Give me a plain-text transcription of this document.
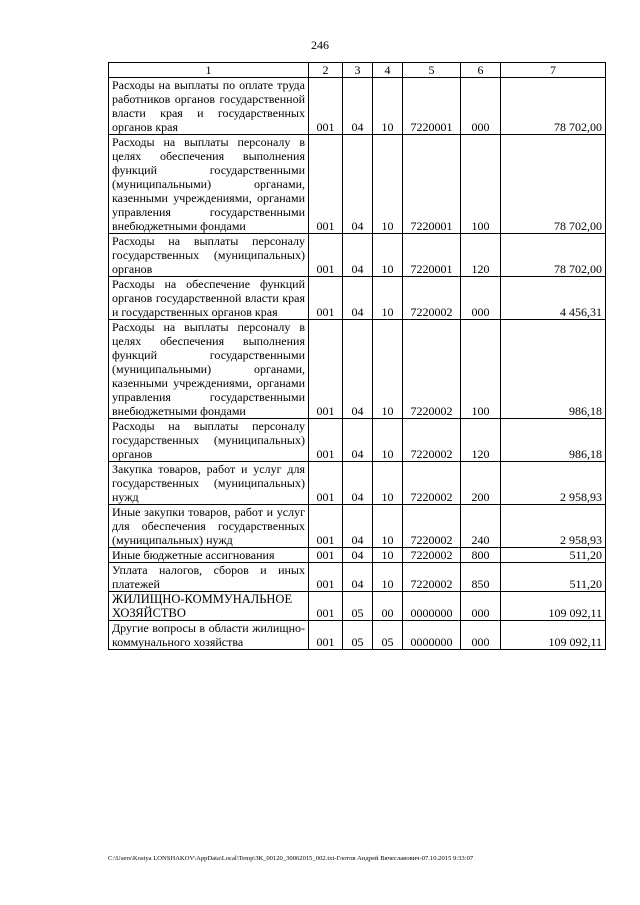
246
1	2	3	4	5	6	7
Расходы на выплаты по оплате труда работников органов государственной власти края и государственных органов края	001	04	10	7220001	000	78 702,00
Расходы на выплаты персоналу в целях обеспечения выполнения функций государственными (муниципальными) органами, казенными учреждениями, органами управления государственными внебюджетными фондами	001	04	10	7220001	100	78 702,00
Расходы на выплаты персоналу государственных (муниципальных) органов	001	04	10	7220001	120	78 702,00
Расходы на обеспечение функций органов государственной власти края и государственных органов края	001	04	10	7220002	000	4 456,31
Расходы на выплаты персоналу в целях обеспечения выполнения функций государственными (муниципальными) органами, казенными учреждениями, органами управления государственными внебюджетными фондами	001	04	10	7220002	100	986,18
Расходы на выплаты персоналу государственных (муниципальных) органов	001	04	10	7220002	120	986,18
Закупка товаров, работ и услуг для государственных (муниципальных) нужд	001	04	10	7220002	200	2 958,93
Иные закупки товаров, работ и услуг для обеспечения государственных (муниципальных) нужд	001	04	10	7220002	240	2 958,93
Иные бюджетные ассигнования	001	04	10	7220002	800	511,20
Уплата налогов, сборов и иных платежей	001	04	10	7220002	850	511,20
ЖИЛИЩНО-КОММУНАЛЬНОЕ ХОЗЯЙСТВО	001	05	00	0000000	000	109 092,11
Другие вопросы в области жилищно-коммунального хозяйства	001	05	05	0000000	000	109 092,11
C:\Users\Kostya LONSHAKOV\AppData\Local\Temp\ЗК_00120_30062015_002.txt-Глотов Андрей Вячеславович-07.10.2015 9:33:07
